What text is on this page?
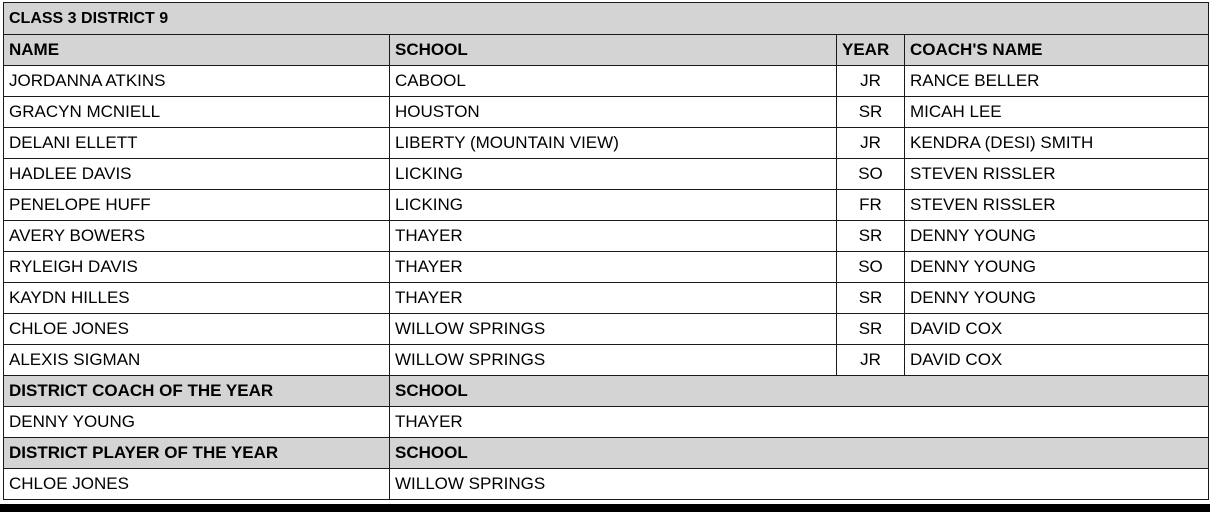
CLASS 3 DISTRICT 9			
NAME	SCHOOL	YEAR	COACH'S NAME
JORDANNA ATKINS	CABOOL	JR	RANCE BELLER
GRACYN MCNIELL	HOUSTON	SR	MICAH LEE
DELANI ELLETT	LIBERTY (MOUNTAIN VIEW)	JR	KENDRA (DESI) SMITH
HADLEE DAVIS	LICKING	SO	STEVEN RISSLER
PENELOPE HUFF	LICKING	FR	STEVEN RISSLER
AVERY BOWERS	THAYER	SR	DENNY YOUNG
RYLEIGH DAVIS	THAYER	SO	DENNY YOUNG
KAYDN HILLES	THAYER	SR	DENNY YOUNG
CHLOE JONES	WILLOW SPRINGS	SR	DAVID COX
ALEXIS SIGMAN	WILLOW SPRINGS	JR	DAVID COX
DISTRICT COACH OF THE YEAR	SCHOOL		
DENNY YOUNG	THAYER		
DISTRICT PLAYER OF THE YEAR	SCHOOL		
CHLOE JONES	WILLOW SPRINGS		
